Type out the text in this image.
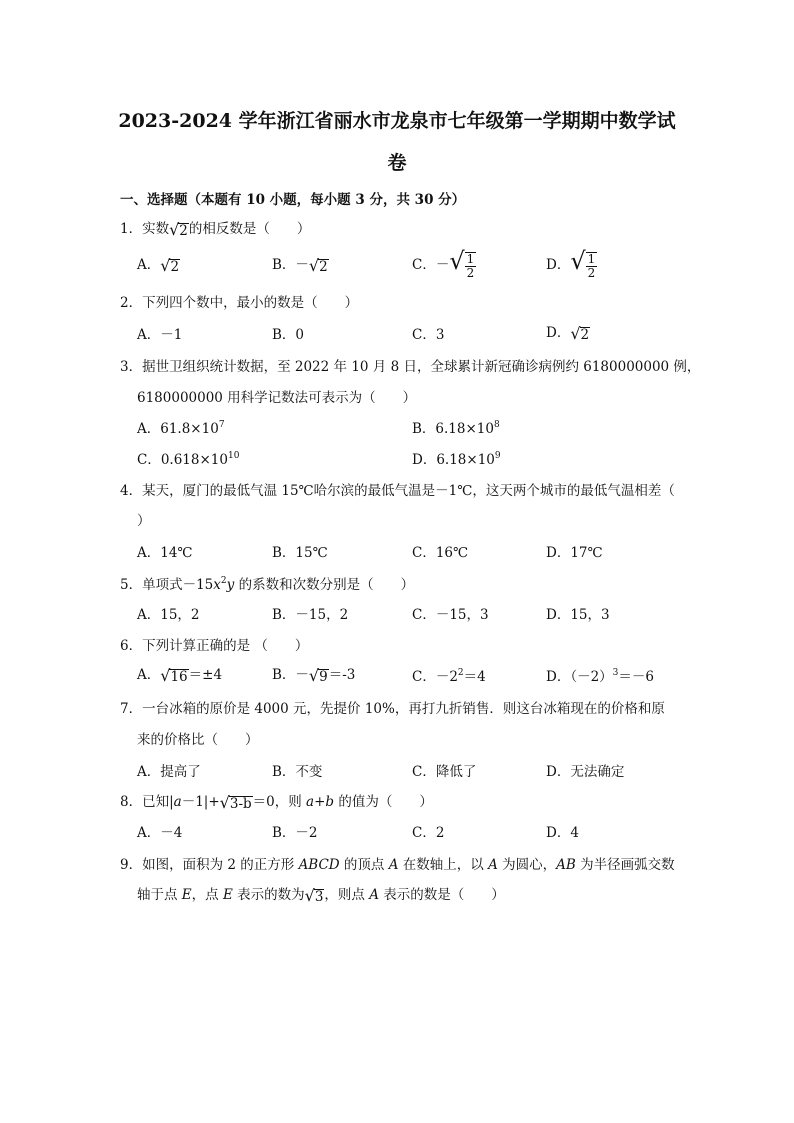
2023-2024 学年浙江省丽水市龙泉市七年级第一学期期中数学试
卷
一、选择题（本题有 10 小题，每小题 3 分，共 30 分）
1．实数√2的相反数是（　　）
A．√2	B．－√2	C．－√ $\frac{1}{2}$	D．√ $\frac{1}{2}$
2．下列四个数中，最小的数是（　　）
A．－1	B．0	C．3	D．√2
3．据世卫组织统计数据，至 2022 年 10 月 8 日，全球累计新冠确诊病例约 6180000000 例，
6180000000 用科学记数法可表示为（　　）
A．$61.8\times 10^7$	B．$6.18\times 10^8$
C．$0.618\times 10^{10}$	D．$6.18\times 10^9$
4．某天，厦门的最低气温 15℃哈尔滨的最低气温是－1℃，这天两个城市的最低气温相差（
）
A．14℃	B．15℃	C．16℃	D．17℃
5．单项式$-15x^2y$ 的系数和次数分别是（　　）
A．15，2	B．－15，2	C．－15，3	D．15，3
6．下列计算正确的是 （　　）
A．√16＝±4	B．－√9＝-3	C．$-2^2=4$	D．$(-2)^3=-6$
7．一台冰箱的原价是 4000 元，先提价 10%，再打九折销售．则这台冰箱现在的价格和原
来的价格比（　　）
A．提高了	B．不变	C．降低了	D．无法确定
8．已知|a－1|+√3-b＝0，则 a+b 的值为（　　）
A．－4	B．－2	C．2	D．4
9．如图，面积为 2 的正方形 ABCD 的顶点 A 在数轴上，以 A 为圆心，AB 为半径画弧交数
轴于点 E，点 E 表示的数为√3，则点 A 表示的数是（　　）
